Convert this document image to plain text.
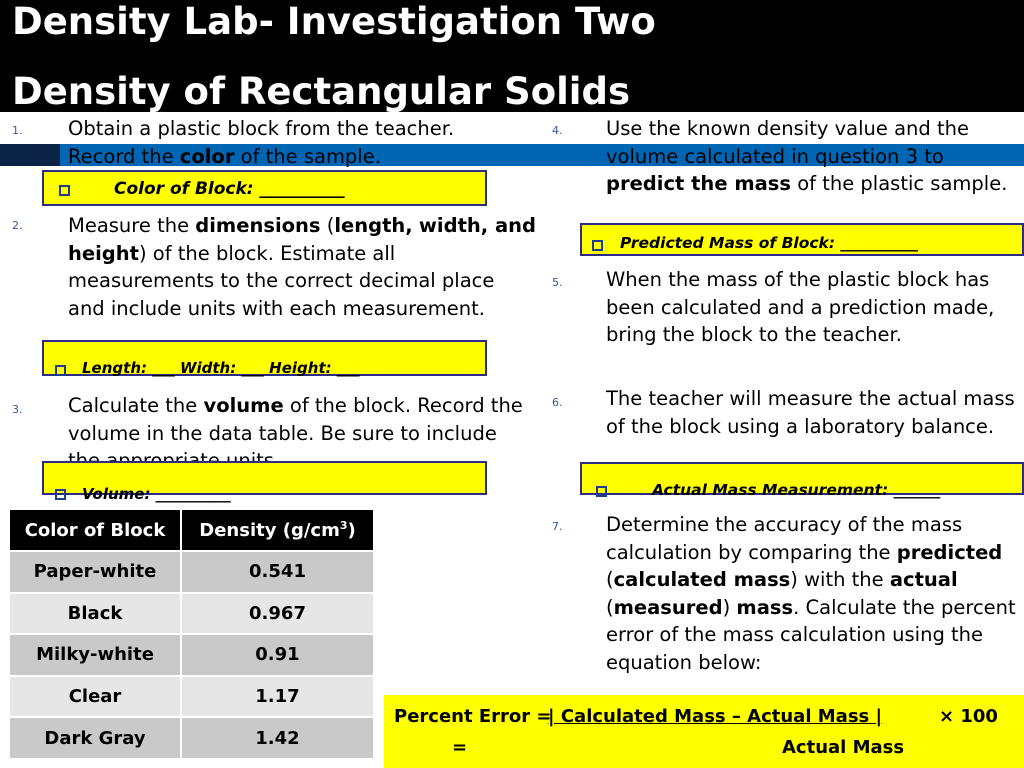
Density Lab- Investigation Two
Density of Rectangular Solids
1. Obtain a plastic block from the teacher.
Record the color of the sample.
Color of Block: __________
2. Measure the dimensions (length, width, and height) of the block. Estimate all measurements to the correct decimal place and include units with each measurement.
Length: ___ Width: ___ Height: ___
3. Calculate the volume of the block. Record the volume in the data table. Be sure to include
Volume: __________
Color of Block	Density $(g/cm^3)$
Paper-white	0.541
Black	0.967
Milky-white	0.91
Clear	1.17
Dark Gray	1.42
4. Use the known density value and the volume calculated in question 3 to predict the mass of the plastic sample.
Predicted Mass of Block: __________
5. When the mass of the plastic block has been calculated and a prediction made, bring the block to the teacher.
6. The teacher will measure the actual mass of the block using a laboratory balance.
Actual Mass Measurement: ______
7. Determine the accuracy of the mass calculation by comparing the predicted (calculated mass) with the actual (measured) mass. Calculate the percent error of the mass calculation using the equation below:
Percent Error =
| Calculated Mass – Actual Mass |	× 100
=	Actual Mass
